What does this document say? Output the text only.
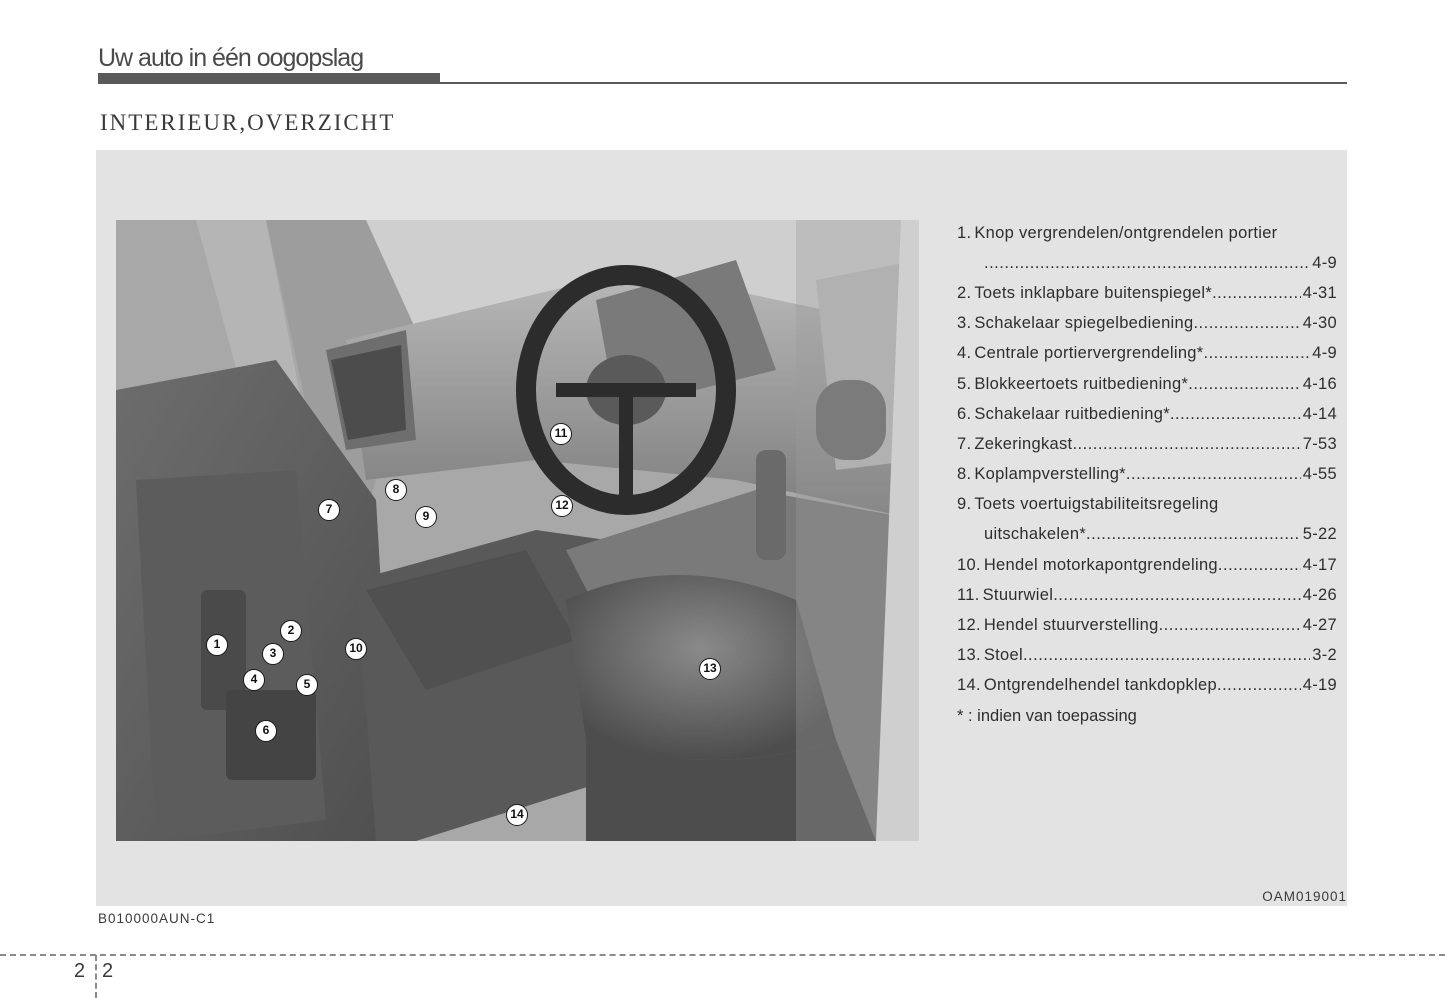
Uw auto in één oogopslag
INTERIEUR,OVERZICHT
1
2
3
4	5
6
7
8
9
10
11
12
13
14
1. Knop vergrendelen/ontgrendelen portier
.....
4-9
2. Toets inklapbare buitenspiegel* .....	4-31
3. Schakelaar spiegelbediening .....	4-30
4. Centrale portiervergrendeling* .....	4-9
5. Blokkeertoets ruitbediening* .....	4-16
6. Schakelaar ruitbediening* .....	4-14
7. Zekeringkast .....	7-53
8. Koplampverstelling* .....	4-55
9. Toets voertuigstabiliteitsregeling
uitschakelen* .....	5-22
10. Hendel motorkapontgrendeling .....	4-17
11. Stuurwiel .....	4-26
12. Hendel stuurverstelling .....	4-27
13. Stoel .....	3-2
14. Ontgrendelhendel tankdopklep .....	4-19
* : indien van toepassing
OAM019001
B010000AUN-C1
2 2
